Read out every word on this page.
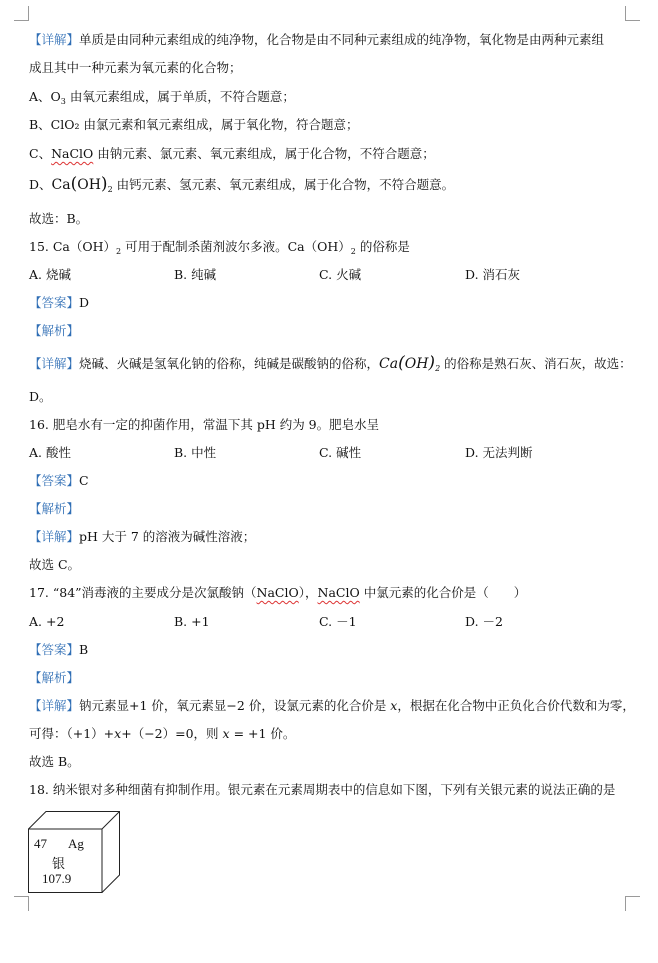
【详解】单质是由同种元素组成的纯净物，化合物是由不同种元素组成的纯净物，氧化物是由两种元素组
成且其中一种元素为氧元素的化合物；
A、$O_3$ 由氧元素组成，属于单质，不符合题意；
B、ClO₂ 由氯元素和氧元素组成，属于氧化物，符合题意；
C、NaClO 由钠元素、氯元素、氧元素组成，属于化合物，不符合题意；
D、$Ca(OH)_2$ 由钙元素、氢元素、氧元素组成，属于化合物，不符合题意。
故选：B。
15. $Ca(OH)_2$ 可用于配制杀菌剂波尔多液。$Ca(OH)_2$ 的俗称是
A. 烧碱	B. 纯碱	C. 火碱	D. 消石灰
【答案】D
【解析】
【详解】烧碱、火碱是氢氧化钠的俗称，纯碱是碳酸钠的俗称，$Ca(OH)_2$ 的俗称是熟石灰、消石灰，故选：
D。
16. 肥皂水有一定的抑菌作用，常温下其 pH 约为 9。肥皂水呈
A. 酸性	B. 中性	C. 碱性	D. 无法判断
【答案】C
【解析】
【详解】pH 大于 7 的溶液为碱性溶液；
故选 C。
17. “84”消毒液的主要成分是次氯酸钠（NaClO），NaClO 中氯元素的化合价是（　　）
A. +2	B. +1	C. －1	D. －2
【答案】B
【解析】
【详解】钠元素显+1 价，氧元素显−2 价，设氯元素的化合价是 x，根据在化合物中正负化合价代数和为零，
可得：（+1）+x+（−2）=0，则 x = +1 价。
故选 B。
18. 纳米银对多种细菌有抑制作用。银元素在元素周期表中的信息如下图，下列有关银元素的说法正确的是
47 Ag
银
107.9
